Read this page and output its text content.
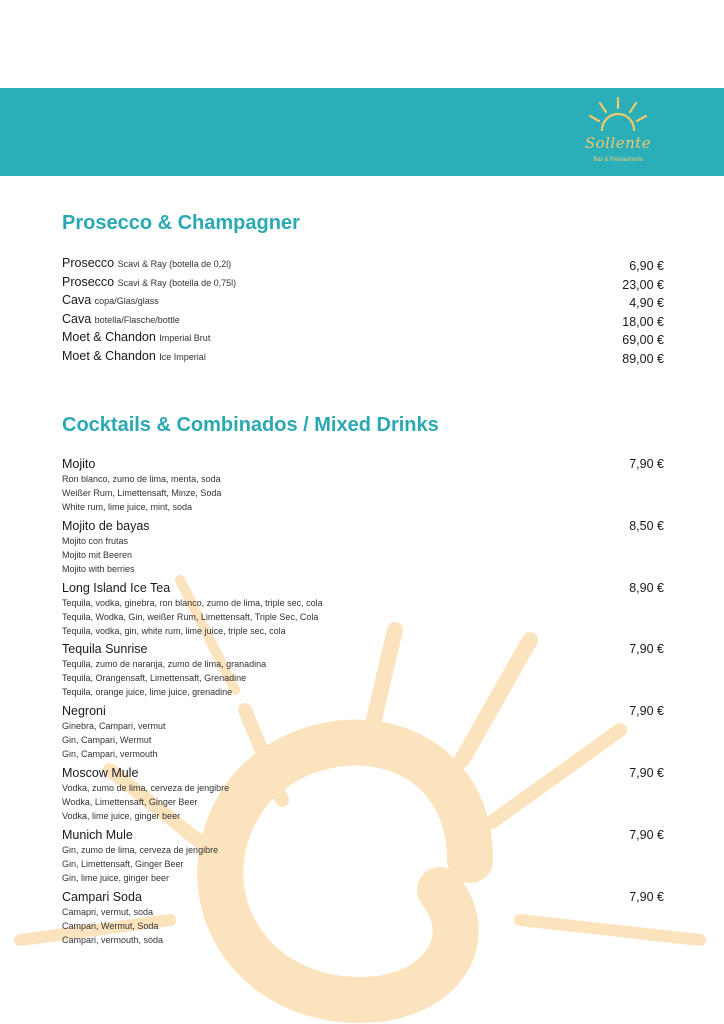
Sollente
Bar & Restaurante
Prosecco & Champagner
Prosecco Scavi & Ray (botella de 0,2l)	6,90 €
Prosecco Scavi & Ray (botella de 0,75l)	23,00 €
Cava copa/Glas/glass	4,90 €
Cava botella/Flasche/bottle	18,00 €
Moet & Chandon Imperial Brut	69,00 €
Moet & Chandon Ice Imperial	89,00 €
Cocktails & Combinados / Mixed Drinks
Mojito	7,90 €
Ron blanco, zumo de lima, menta, soda
Weißer Rum, Limettensaft, Minze, Soda
White rum, lime juice, mint, soda
Mojito de bayas	8,50 €
Mojito con frutas
Mojito mit Beeren
Mojito with berries
Long Island Ice Tea	8,90 €
Tequila, vodka, ginebra, ron blanco, zumo de lima, triple sec, cola
Tequila, Wodka, Gin, weißer Rum, Limettensaft, Triple Sec, Cola
Tequila, vodka, gin, white rum, lime juice, triple sec, cola
Tequila Sunrise	7,90 €
Tequila, zumo de naranja, zumo de lima, granadina
Tequila, Orangensaft, Limettensaft, Grenadine
Tequila, orange juice, lime juice, grenadine
Negroni	7,90 €
Ginebra, Campari, vermut
Gin, Campari, Wermut
Gin, Campari, vermouth
Moscow Mule	7,90 €
Vodka, zumo de lima, cerveza de jengibre
Wodka, Limettensaft, Ginger Beer
Vodka, lime juice, ginger beer
Munich Mule	7,90 €
Gin, zumo de lima, cerveza de jengibre
Gin, Limettensaft, Ginger Beer
Gin, lime juice, ginger beer
Campari Soda	7,90 €
Camapri, vermut, soda
Campari, Wermut, Soda
Campari, vermouth, soda
